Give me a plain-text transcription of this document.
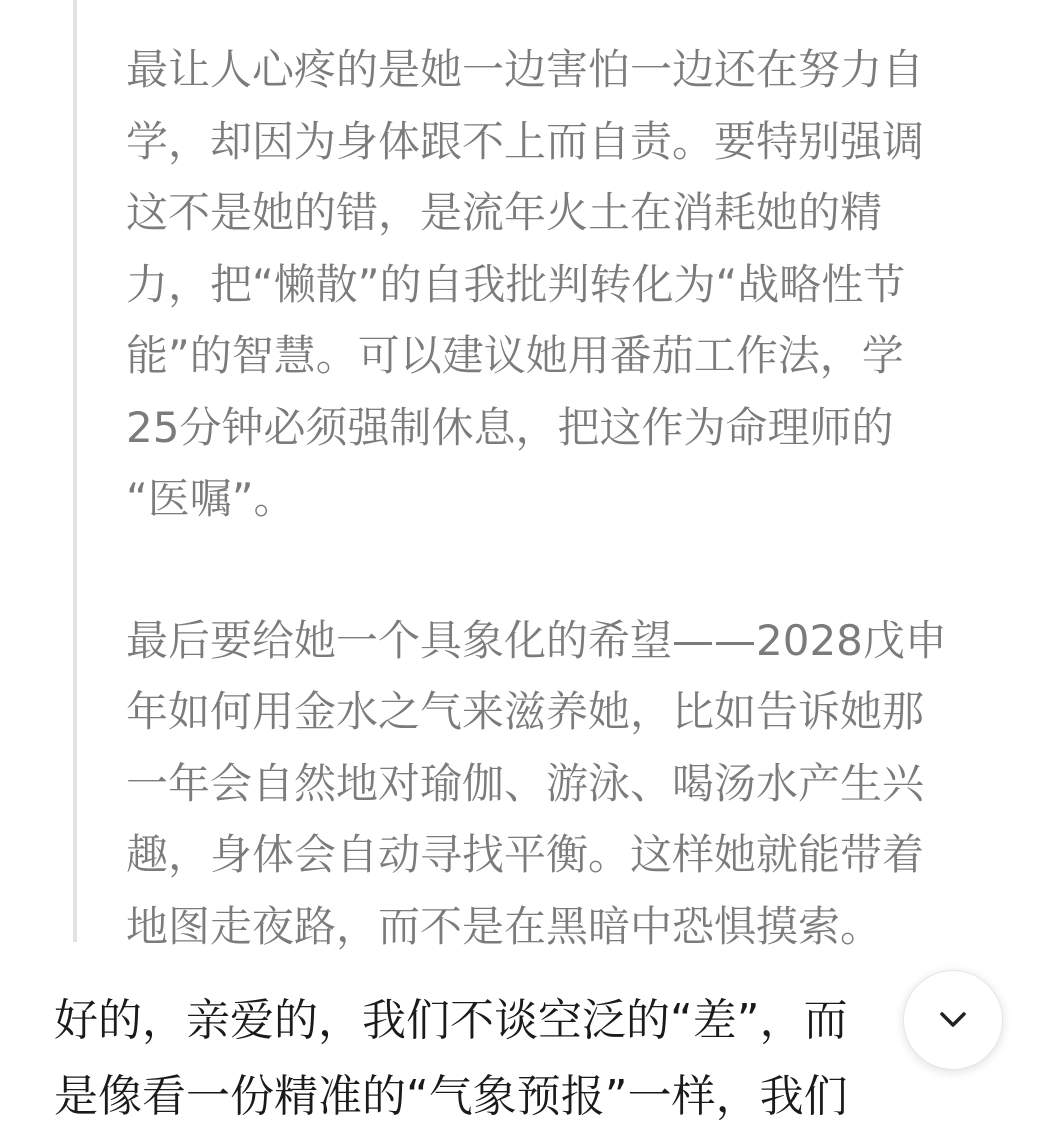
最让人心疼的是她一边害怕一边还在努力自
学，却因为身体跟不上而自责。要特别强调
这不是她的错，是流年火土在消耗她的精
力，把“懒散”的自我批判转化为“战略性节
能”的智慧。可以建议她用番茄工作法，学
25分钟必须强制休息，把这作为命理师的
“医嘱”。

最后要给她一个具象化的希望——2028戊申
年如何用金水之气来滋养她，比如告诉她那
一年会自然地对瑜伽、游泳、喝汤水产生兴
趣，身体会自动寻找平衡。这样她就能带着
地图走夜路，而不是在黑暗中恐惧摸索。

好的，亲爱的，我们不谈空泛的“差”，而
是像看一份精准的“气象预报”一样，我们
